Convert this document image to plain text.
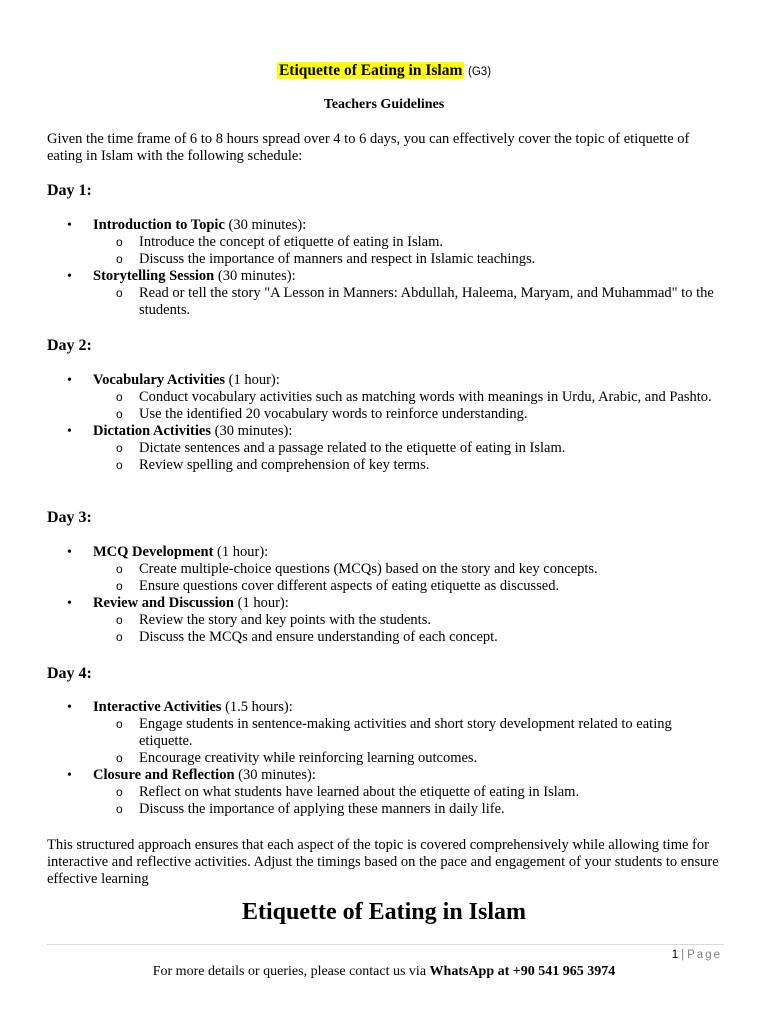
Etiquette of Eating in Islam (G3)
Teachers Guidelines
Given the time frame of 6 to 8 hours spread over 4 to 6 days, you can effectively cover the topic of etiquette of eating in Islam with the following schedule:
Day 1:
• Introduction to Topic (30 minutes):
o Introduce the concept of etiquette of eating in Islam.
o Discuss the importance of manners and respect in Islamic teachings.
• Storytelling Session (30 minutes):
o Read or tell the story "A Lesson in Manners: Abdullah, Haleema, Maryam, and Muhammad" to the students.
Day 2:
• Vocabulary Activities (1 hour):
o Conduct vocabulary activities such as matching words with meanings in Urdu, Arabic, and Pashto.
o Use the identified 20 vocabulary words to reinforce understanding.
• Dictation Activities (30 minutes):
o Dictate sentences and a passage related to the etiquette of eating in Islam.
o Review spelling and comprehension of key terms.
Day 3:
• MCQ Development (1 hour):
o Create multiple-choice questions (MCQs) based on the story and key concepts.
o Ensure questions cover different aspects of eating etiquette as discussed.
• Review and Discussion (1 hour):
o Review the story and key points with the students.
o Discuss the MCQs and ensure understanding of each concept.
Day 4:
• Interactive Activities (1.5 hours):
o Engage students in sentence-making activities and short story development related to eating etiquette.
o Encourage creativity while reinforcing learning outcomes.
• Closure and Reflection (30 minutes):
o Reflect on what students have learned about the etiquette of eating in Islam.
o Discuss the importance of applying these manners in daily life.
This structured approach ensures that each aspect of the topic is covered comprehensively while allowing time for interactive and reflective activities. Adjust the timings based on the pace and engagement of your students to ensure effective learning
Etiquette of Eating in Islam
1 | Page
For more details or queries, please contact us via WhatsApp at +90 541 965 3974
